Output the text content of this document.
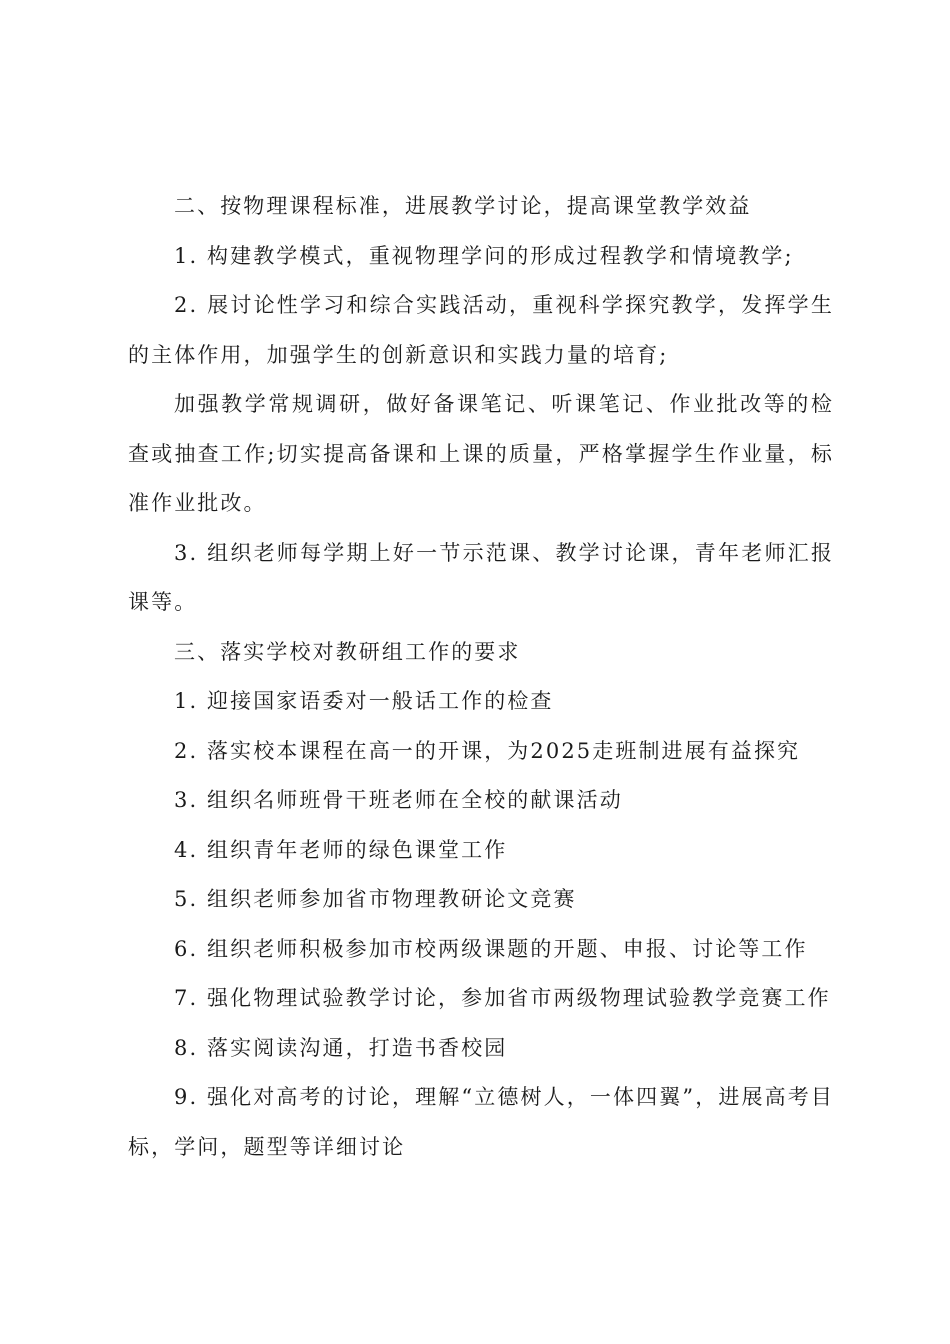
二、按物理课程标准，进展教学讨论，提高课堂教学效益

1. 构建教学模式，重视物理学问的形成过程教学和情境教学;

2. 展讨论性学习和综合实践活动，重视科学探究教学，发挥学生的主体作用，加强学生的创新意识和实践力量的培育;

加强教学常规调研，做好备课笔记、听课笔记、作业批改等的检查或抽查工作;切实提高备课和上课的质量，严格掌握学生作业量，标准作业批改。

3. 组织老师每学期上好一节示范课、教学讨论课，青年老师汇报课等。

三、落实学校对教研组工作的要求

1. 迎接国家语委对一般话工作的检查

2. 落实校本课程在高一的开课，为2025走班制进展有益探究

3. 组织名师班骨干班老师在全校的献课活动

4. 组织青年老师的绿色课堂工作

5. 组织老师参加省市物理教研论文竞赛

6. 组织老师积极参加市校两级课题的开题、申报、讨论等工作

7. 强化物理试验教学讨论，参加省市两级物理试验教学竞赛工作

8. 落实阅读沟通，打造书香校园

9. 强化对高考的讨论，理解“立德树人，一体四翼”，进展高考目标，学问，题型等详细讨论
